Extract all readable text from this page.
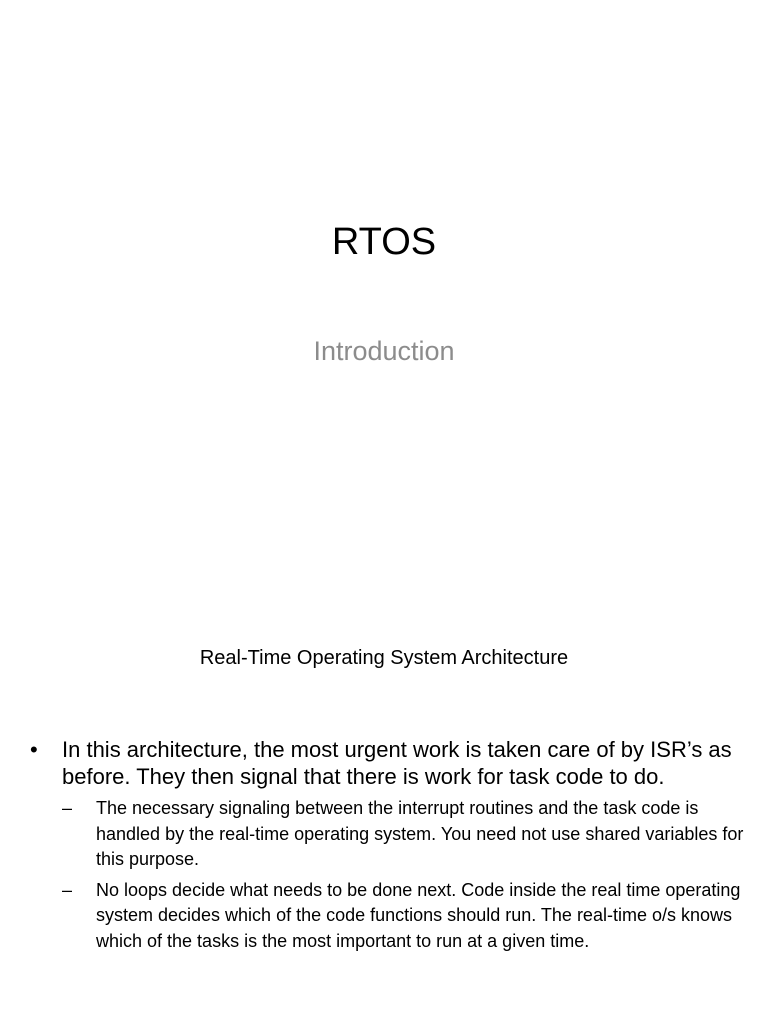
RTOS
Introduction
Real-Time Operating System Architecture
• In this architecture, the most urgent work is taken care of by ISR’s as before. They then signal that there is work for task code to do.
– The necessary signaling between the interrupt routines and the task code is handled by the real-time operating system. You need not use shared variables for this purpose.
– No loops decide what needs to be done next. Code inside the real time operating system decides which of the code functions should run. The real-time o/s knows which of the tasks is the most important to run at a given time.
